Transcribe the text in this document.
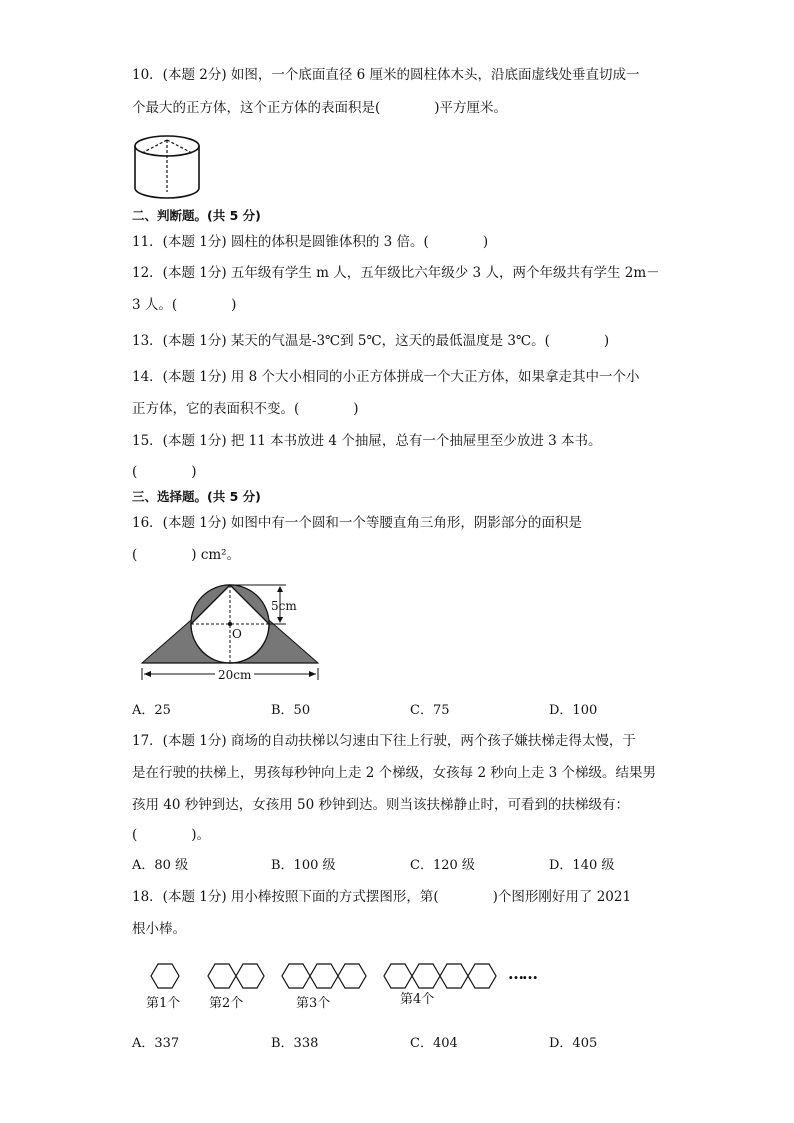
10．(本题 2分) 如图，一个底面直径 6 厘米的圆柱体木头，沿底面虚线处垂直切成一
个最大的正方体，这个正方体的表面积是(　　　　)平方厘米。
二、判断题。(共 5 分)
11．(本题 1分) 圆柱的体积是圆锥体积的 3 倍。(　　　　)
12．(本题 1分) 五年级有学生 m 人，五年级比六年级少 3 人，两个年级共有学生 2m－
3 人。(　　　　)
13．(本题 1分) 某天的气温是-3℃到 5℃，这天的最低温度是 3℃。(　　　　)
14．(本题 1分) 用 8 个大小相同的小正方体拼成一个大正方体，如果拿走其中一个小
正方体，它的表面积不变。(　　　　)
15．(本题 1分) 把 11 本书放进 4 个抽屉，总有一个抽屉里至少放进 3 本书。
(　　　　)
三、选择题。(共 5 分)
16．(本题 1分) 如图中有一个圆和一个等腰直角三角形，阴影部分的面积是
(　　　　) cm²。
5cm
O
20cm
A．25	B．50	C．75	D．100
17．(本题 1分) 商场的自动扶梯以匀速由下往上行驶，两个孩子嫌扶梯走得太慢，于
是在行驶的扶梯上，男孩每秒钟向上走 2 个梯级，女孩每 2 秒向上走 3 个梯级。结果男
孩用 40 秒钟到达，女孩用 50 秒钟到达。则当该扶梯静止时，可看到的扶梯级有：
(　　　　)。
A．80 级	B．100 级	C．120 级	D．140 级
18．(本题 1分) 用小棒按照下面的方式摆图形，第(　　　　)个图形刚好用了 2021
根小棒。
第1个 第2个	第3个	第4个
……
A．337	B．338	C．404	D．405
